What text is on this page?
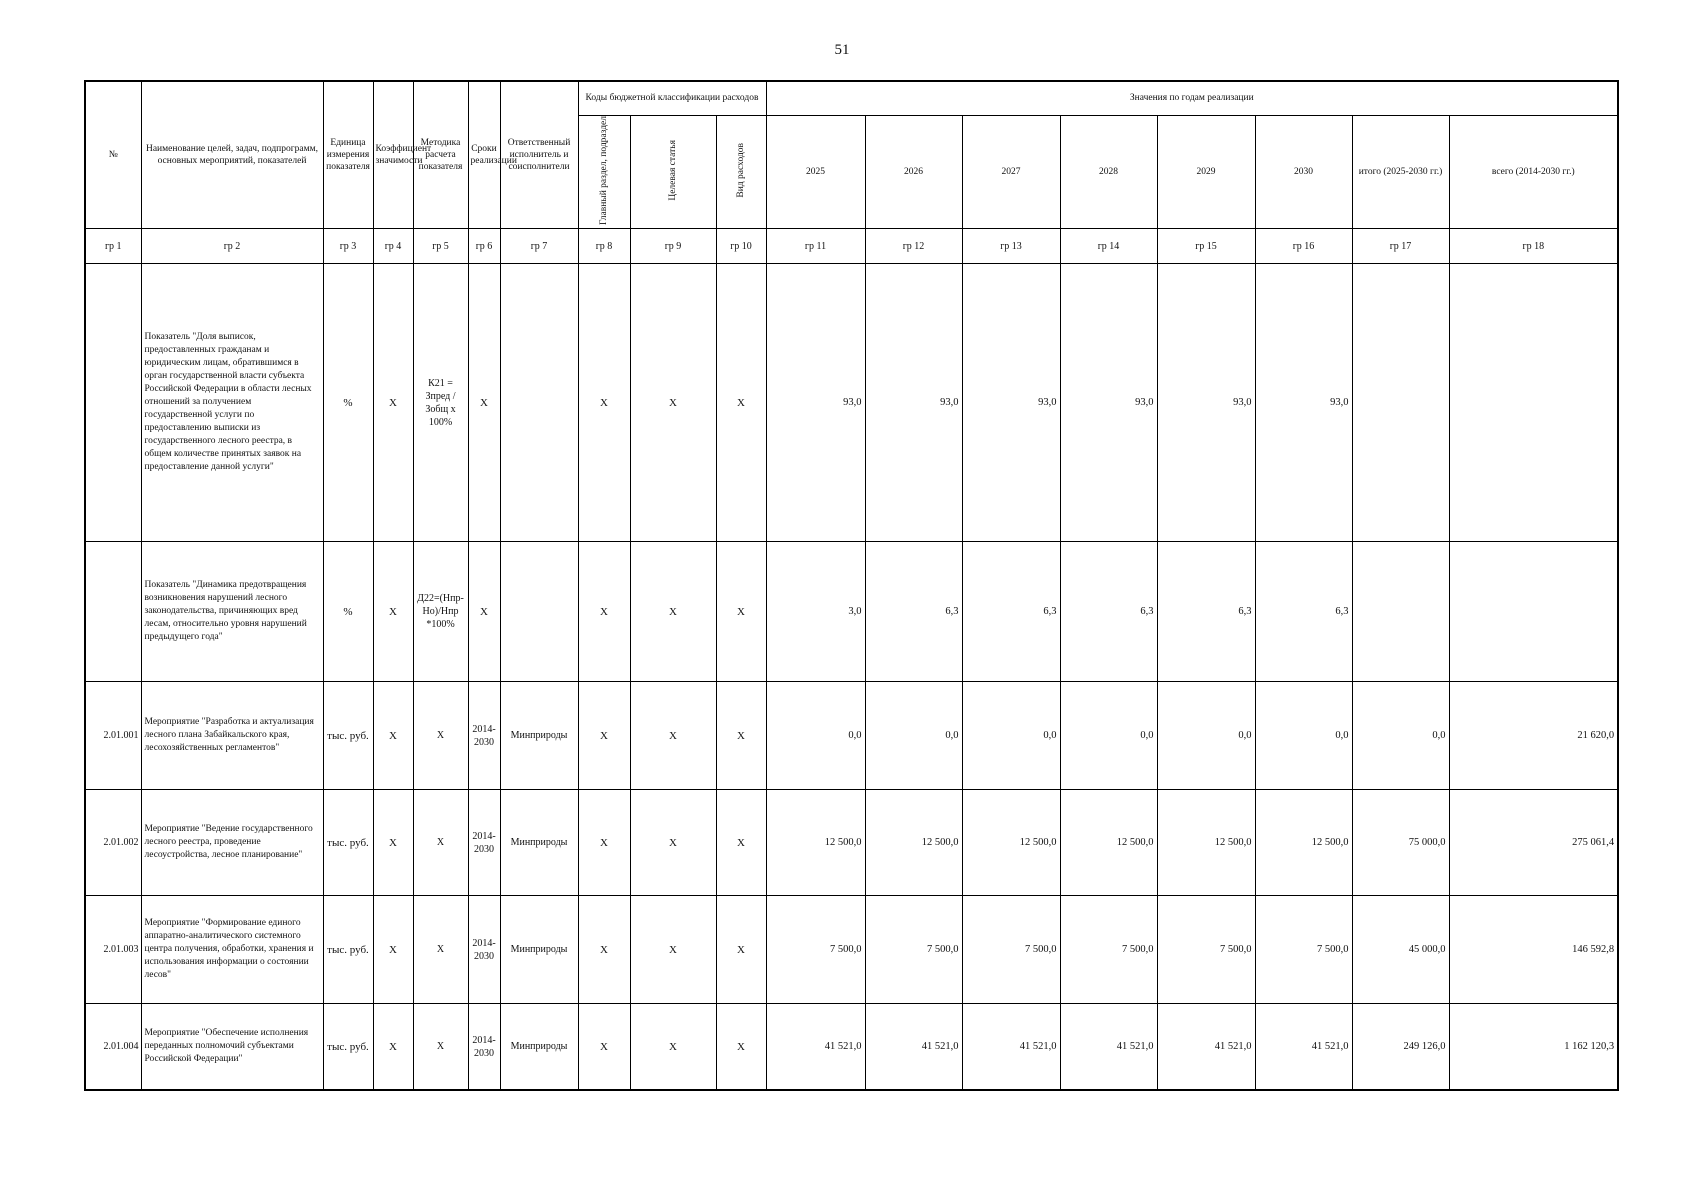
51
№	Наименование целей, задач, подпрограмм, основных мероприятий, показателей	Единица измерения показателя	Коэффициент значимости	Методика расчета показателя	Сроки реализации	Ответственный исполнитель и соисполнители	Коды бюджетной классификации расходов			Значения по годам реализации							
							Главный раздел, подраздел	Целевая статья	Вид расходов	2025	2026	2027	2028	2029	2030	итого (2025-2030 гг.)	всего (2014-2030 гг.)
гр 1	гр 2	гр 3	гр 4	гр 5	гр 6	гр 7	гр 8	гр 9	гр 10	гр 11	гр 12	гр 13	гр 14	гр 15	гр 16	гр 17	гр 18
	Показатель "Доля выписок, предоставленных гражданам и юридическим лицам, обратившимся в орган государственной власти субъекта Российской Федерации в области лесных отношений за получением государственной услуги по предоставлению выписки из государственного лесного реестра, в общем количестве принятых заявок на предоставление данной услуги"	%	X	К21 = Зпред /Зобщ х 100%	X		X	X	X	93,0	93,0	93,0	93,0	93,0	93,0		
	Показатель "Динамика предотвращения возникновения нарушений лесного законодательства, причиняющих вред лесам, относительно уровня нарушений предыдущего года"	%	X	Д22=(Нпр-Но)/Нпр *100%	X		X	X	X	3,0	6,3	6,3	6,3	6,3	6,3		
2.01.001	Мероприятие "Разработка и актуализация лесного плана Забайкальского края, лесохозяйственных регламентов"	тыс. руб.	X	X	2014-2030	Минприроды	X	X	X	0,0	0,0	0,0	0,0	0,0	0,0	0,0	21 620,0
2.01.002	Мероприятие "Ведение государственного лесного реестра, проведение лесоустройства, лесное планирование"	тыс. руб.	X	X	2014-2030	Минприроды	X	X	X	12 500,0	12 500,0	12 500,0	12 500,0	12 500,0	12 500,0	75 000,0	275 061,4
2.01.003	Мероприятие "Формирование единого аппаратно-аналитического системного центра получения, обработки, хранения и использования информации о состоянии лесов"	тыс. руб.	X	X	2014-2030	Минприроды	X	X	X	7 500,0	7 500,0	7 500,0	7 500,0	7 500,0	7 500,0	45 000,0	146 592,8
2.01.004	Мероприятие "Обеспечение исполнения переданных полномочий субъектами Российской Федерации"	тыс. руб.	X	X	2014-2030	Минприроды	X	X	X	41 521,0	41 521,0	41 521,0	41 521,0	41 521,0	41 521,0	249 126,0	1 162 120,3
